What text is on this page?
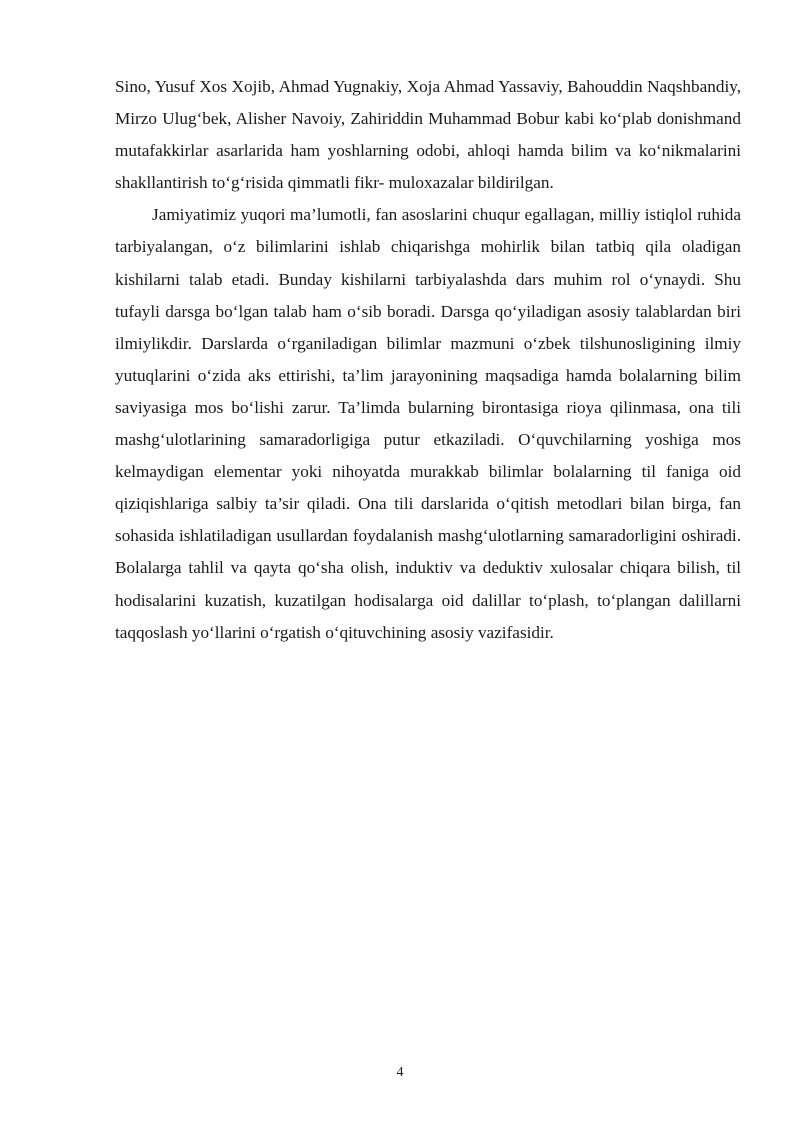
Sino, Yusuf Xos Xojib, Ahmad Yugnakiy, Xoja Ahmad Yassaviy, Bahouddin Naqshbandiy, Mirzo Ulug‘bek, Alisher Navoiy, Zahiriddin Muhammad Bobur kabi ko‘plab donishmand mutafakkirlar asarlarida ham yoshlarning odobi, ahloqi hamda bilim va ko‘nikmalarini shakllantirish to‘g‘risida qimmatli fikr- muloxazalar bildirilgan.

Jamiyatimiz yuqori ma’lumotli, fan asoslarini chuqur egallagan, milliy istiqlol ruhida tarbiyalangan, o‘z bilimlarini ishlab chiqarishga mohirlik bilan tatbiq qila oladigan kishilarni talab etadi. Bunday kishilarni tarbiyalashda dars muhim rol o‘ynaydi. Shu tufayli darsga bo‘lgan talab ham o‘sib boradi. Darsga qo‘yiladigan asosiy talablardan biri ilmiylikdir. Darslarda o‘rganiladigan bilimlar mazmuni o‘zbek tilshunosligining ilmiy yutuqlarini o‘zida aks ettirishi, ta’lim jarayonining maqsadiga hamda bolalarning bilim saviyasiga mos bo‘lishi zarur. Ta’limda bularning birontasiga rioya qilinmasa, ona tili mashg‘ulotlarining samaradorligiga putur etkaziladi. O‘quvchilarning yoshiga mos kelmaydigan elementar yoki nihoyatda murakkab bilimlar bolalarning til faniga oid qiziqishlariga salbiy ta’sir qiladi. Ona tili darslarida o‘qitish metodlari bilan birga, fan sohasida ishlatiladigan usullardan foydalanish mashg‘ulotlarning samaradorligini oshiradi. Bolalarga tahlil va qayta qo‘sha olish, induktiv va deduktiv xulosalar chiqara bilish, til hodisalarini kuzatish, kuzatilgan hodisalarga oid dalillar to‘plash, to‘plangan dalillarni taqqoslash yo‘llarini o‘rgatish o‘qituvchining asosiy vazifasidir.

4
